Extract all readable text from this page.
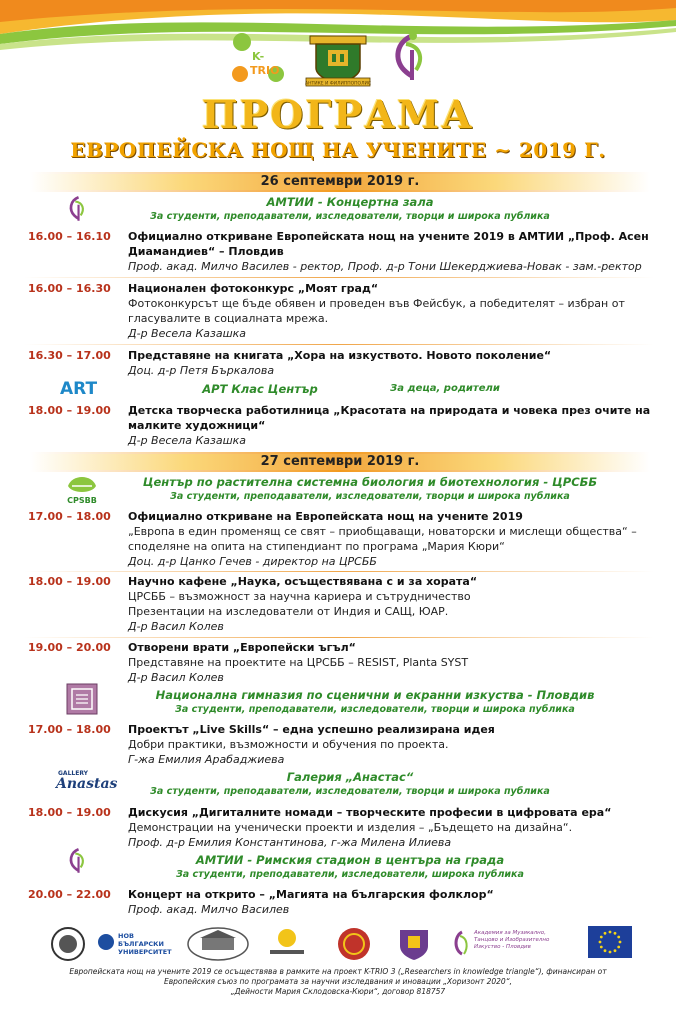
K-
TRIO
АНТИКЕ И ФИЛИППОПОЛИС
ПРОГРАМА
ЕВРОПЕЙСКА НОЩ НА УЧЕНИТЕ ~ 2019 Г.
26 септември 2019 г.
АМТИИ - Концертна зала
За студенти, преподаватели, изследователи, творци и широка публика
16.00 – 16.10 Официално откриване Европейската нощ на учените 2019 в АМТИИ „Проф. Асен Диамандиев“ – Пловдив
Проф. акад. Милчо Василев - ректор, Проф. д-р Тони Шекерджиева-Новак - зам.-ректор
16.00 – 16.30 Национален фотоконкурс „Моят град“
Фотоконкурсът ще бъде обявен и проведен във Фейсбук, а победителят – избран от гласувалите в социалната мрежа.
Д-р Весела Казашка
16.30 – 17.00 Представяне на книгата „Хора на изкуството. Новото поколение“
Доц. д-р Петя Бъркалова
ART	АРТ Клас Център	За деца, родители
18.00 – 19.00 Детска творческа работилница „Красотата на природата и човека през очите на малките художници“
Д-р Весела Казашка
27 септември 2019 г.
CPSBB
Център по растителна системна биология и биотехнология - ЦРСББ
За студенти, преподаватели, изследователи, творци и широка публика
17.00 – 18.00 Официално откриване на Европейската нощ на учените 2019
„Европа в един променящ се свят – приобщаващи, новаторски и мислещи общества“ – споделяне на опита на стипендиант по програма „Мария Кюри“
Доц. д-р Цанко Гечев - директор на ЦРСББ
18.00 – 19.00 Научно кафене „Наука, осъществявана с и за хората“
ЦРСББ – възможност за научна кариера и сътрудничество
Презентации на изследователи от Индия и САЩ, ЮАР.
Д-р Васил Колев
19.00 – 20.00 Отворени врати „Европейски ъгъл“
Представяне на проектите на ЦРСББ – RESIST, Planta SYST
Д-р Васил Колев
Национална гимназия по сценични и екранни изкуства - Пловдив
За студенти, преподаватели, изследователи, творци и широка публика
17.00 – 18.00 Проектът „Live Skills“ – една успешно реализирана идея
Добри практики, възможности и обучения по проекта.
Г-жа Емилия Арабаджиева
GALLERY
Anastas	Галерия „Анастас“
За студенти, преподаватели, изследователи, творци и широка публика
18.00 – 19.00 Дискусия „Дигиталните номади – творческите професии в цифровата ера“
Демонстрации на ученически проекти и изделия – „Бъдещето на дизайна“.
Проф. д-р Емилия Константинова, г-жа Милена Илиева
АМТИИ - Римския стадион в центъра на града
За студенти, преподаватели, изследователи, широка публика
20.00 – 22.00 Концерт на открито – „Магията на българския фолклор“
Проф. акад. Милчо Василев
НОВ
БЪЛГАРСКИ
УНИВЕРСИТЕТ
Академия за Музикално, Танцово и Изобразително Изкуство - Пловдив
Европейската нощ на учените 2019 се осъществява в рамките на проект K-TRIO 3 („Researchers in knowledge triangle“), финансиран от
Европейския съюз по програмата за научни изследвания и иновации „Хоризонт 2020“,
„Дейности Мария Склодовска-Кюри“, договор 818757
